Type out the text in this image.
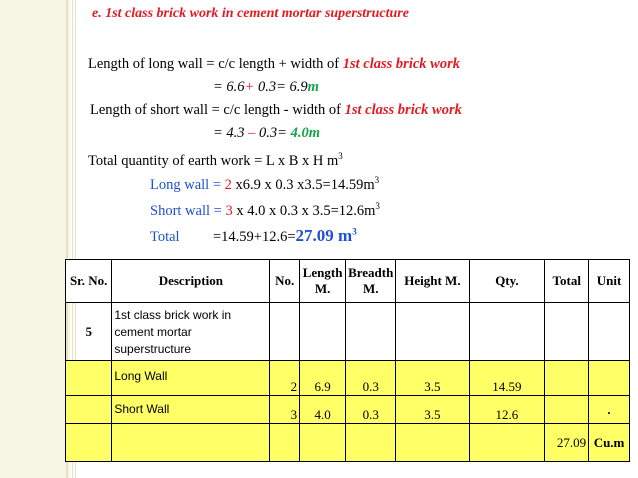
e. 1st class brick work in cement mortar superstructure
Length of long wall = c/c length + width of 1st class brick work
= 6.6+ 0.3= 6.9m
Length of short wall = c/c length - width of 1st class brick work
= 4.3 – 0.3= 4.0m
Total quantity of earth work = L x B x H $m^3$
Long wall = 2 x6.9 x 0.3 $x3.5=14.59m^3$
Short wall = 3 x 4.0 x 0.3 x $3.5=12.6m^3$
Total =14.59+12.6=27.09 $m^3$
Sr. No.	Description	No.	Length M.	Breadth M.	Height M.	Qty.	Total	Unit
5	1st class brick work in cement mortar superstructure							
	Long Wall	2	6.9	0.3	3.5	14.59		
	Short Wall	3	4.0	0.3	3.5	12.6		.
							27.09	Cu.m
